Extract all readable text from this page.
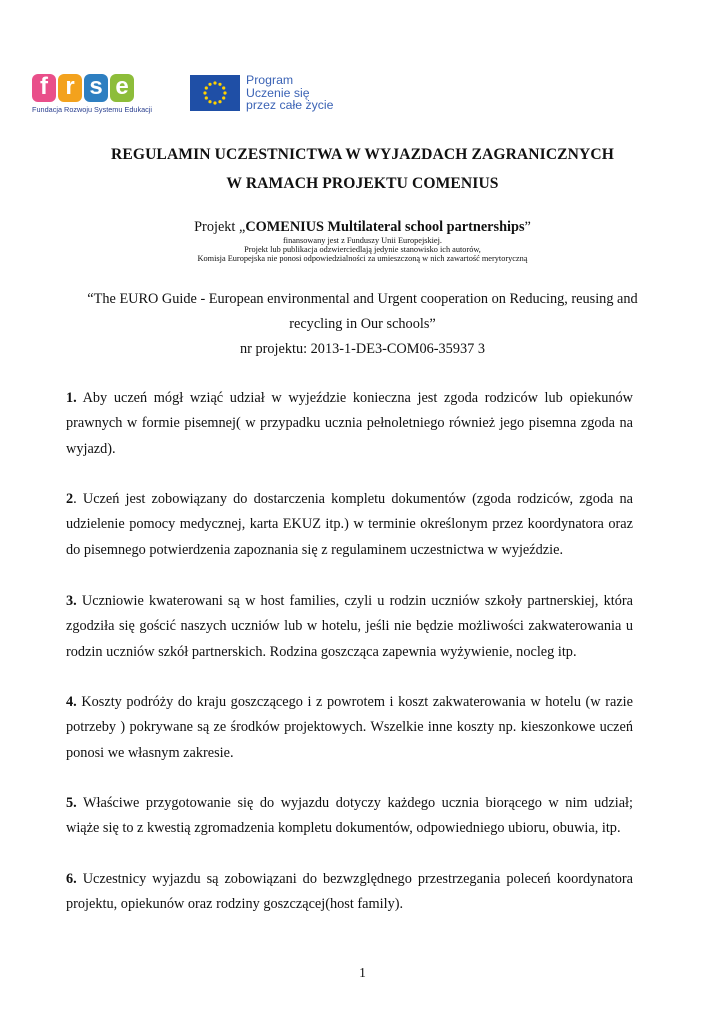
f r s e
Fundacja Rozwoju Systemu Edukacji
Program
Uczenie się
przez całe życie
REGULAMIN UCZESTNICTWA W WYJAZDACH ZAGRANICZNYCH
W RAMACH PROJEKTU COMENIUS
Projekt „COMENIUS Multilateral school partnerships”
finansowany jest z Funduszy Unii Europejskiej.
Projekt lub publikacja odzwierciedlają jedynie stanowisko ich autorów,
Komisja Europejska nie ponosi odpowiedzialności za umieszczoną w nich zawartość merytoryczną
“The EURO Guide - European environmental and Urgent cooperation on Reducing, reusing and
recycling in Our schools”
nr projektu: 2013-1-DE3-COM06-35937 3
1. Aby uczeń mógł wziąć udział w wyjeździe konieczna jest zgoda rodziców lub opiekunów prawnych w formie pisemnej( w przypadku ucznia pełnoletniego również jego pisemna zgoda na wyjazd).
2. Uczeń jest zobowiązany do dostarczenia kompletu dokumentów (zgoda rodziców, zgoda na udzielenie pomocy medycznej, karta EKUZ itp.) w terminie określonym przez koordynatora oraz do pisemnego potwierdzenia zapoznania się z regulaminem uczestnictwa w wyjeździe.
3. Uczniowie kwaterowani są w host families, czyli u rodzin uczniów szkoły partnerskiej, która zgodziła się gościć naszych uczniów lub w hotelu, jeśli nie będzie możliwości zakwaterowania u rodzin uczniów szkół partnerskich. Rodzina goszcząca zapewnia wyżywienie, nocleg itp.
4. Koszty podróży do kraju goszczącego i z powrotem i koszt zakwaterowania w hotelu (w razie potrzeby ) pokrywane są ze środków projektowych. Wszelkie inne koszty np. kieszonkowe uczeń ponosi we własnym zakresie.
5. Właściwe przygotowanie się do wyjazdu dotyczy każdego ucznia biorącego w nim udział; wiąże się to z kwestią zgromadzenia kompletu dokumentów, odpowiedniego ubioru, obuwia, itp.
6. Uczestnicy wyjazdu są zobowiązani do bezwzględnego przestrzegania poleceń koordynatora projektu, opiekunów oraz rodziny goszczącej(host family).
1
